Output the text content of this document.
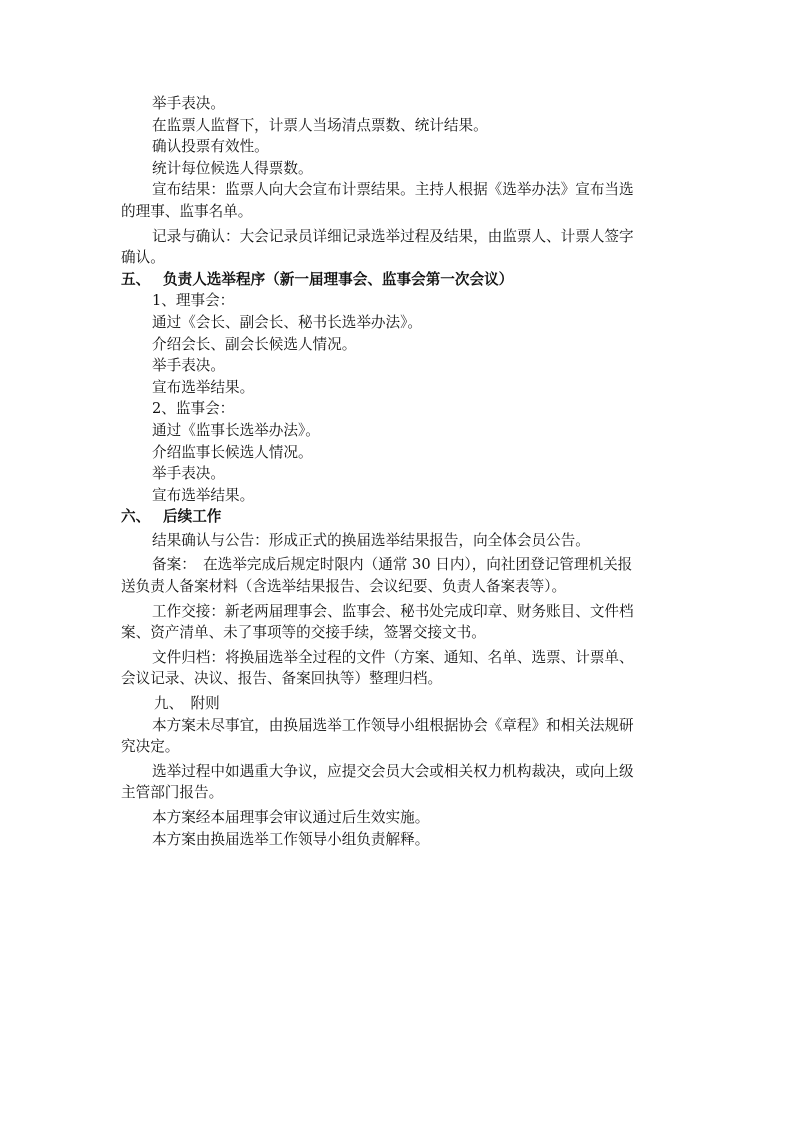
举手表决。
在监票人监督下，计票人当场清点票数、统计结果。
确认投票有效性。
统计每位候选人得票数。
宣布结果：监票人向大会宣布计票结果。主持人根据《选举办法》宣布当选
的理事、监事名单。
记录与确认：大会记录员详细记录选举过程及结果，由监票人、计票人签字
确认。
五、 负责人选举程序（新一届理事会、监事会第一次会议）
1、理事会：
通过《会长、副会长、秘书长选举办法》。
介绍会长、副会长候选人情况。
举手表决。
宣布选举结果。
2、监事会：
通过《监事长选举办法》。
介绍监事长候选人情况。
举手表决。
宣布选举结果。
六、 后续工作
结果确认与公告：形成正式的换届选举结果报告，向全体会员公告。
备案：　在选举完成后规定时限内（通常 30 日内），向社团登记管理机关报
送负责人备案材料（含选举结果报告、会议纪要、负责人备案表等）。
工作交接：新老两届理事会、监事会、秘书处完成印章、财务账目、文件档
案、资产清单、未了事项等的交接手续，签署交接文书。
文件归档：将换届选举全过程的文件（方案、通知、名单、选票、计票单、
会议记录、决议、报告、备案回执等）整理归档。
九、　附则
本方案未尽事宜，由换届选举工作领导小组根据协会《章程》和相关法规研
究决定。
选举过程中如遇重大争议，应提交会员大会或相关权力机构裁决，或向上级
主管部门报告。
本方案经本届理事会审议通过后生效实施。
本方案由换届选举工作领导小组负责解释。
